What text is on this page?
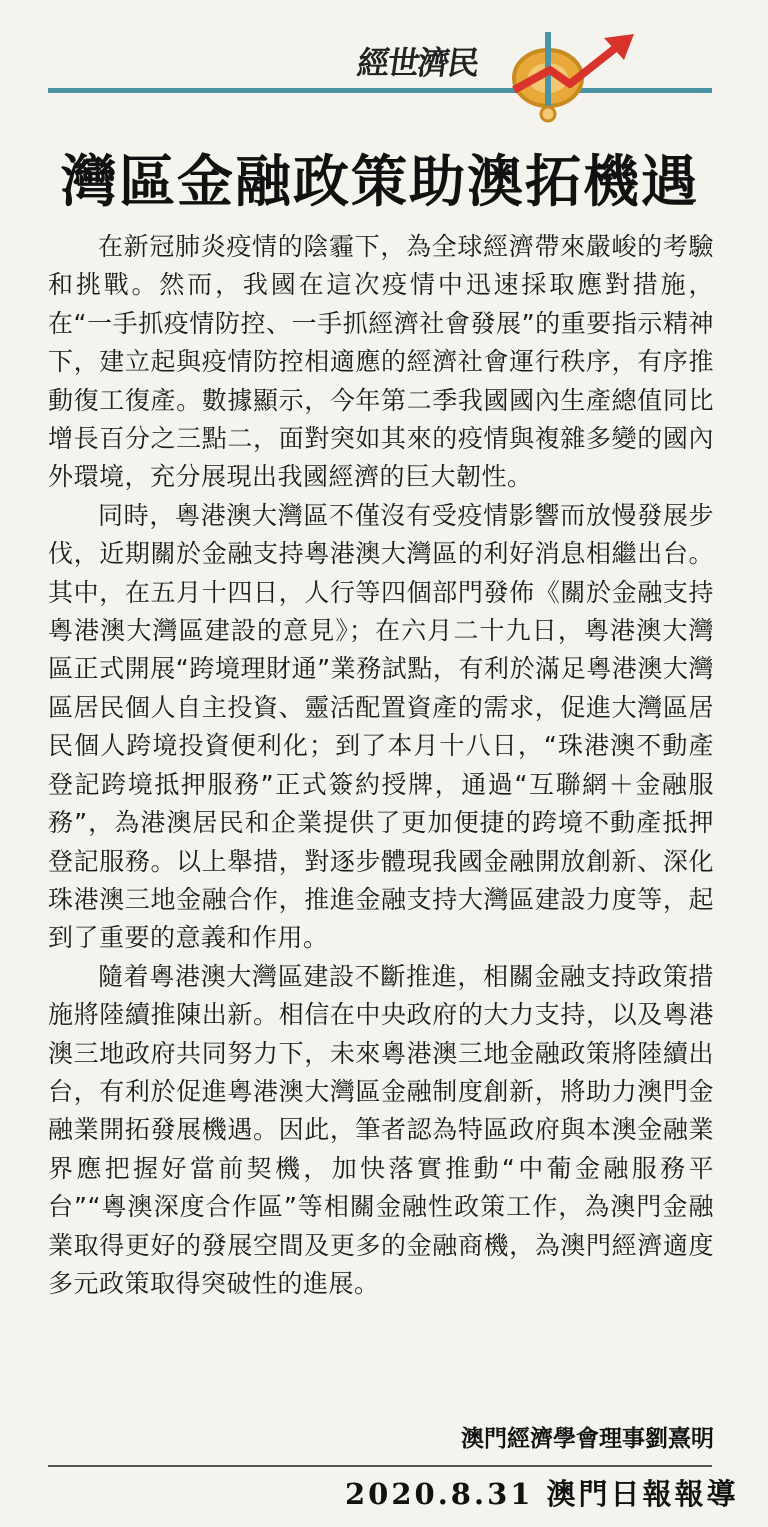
經世濟民
灣區金融政策助澳拓機遇

在新冠肺炎疫情的陰霾下，為全球經濟帶來嚴峻的考驗和挑戰。然而，我國在這次疫情中迅速採取應對措施，在“一手抓疫情防控、一手抓經濟社會發展”的重要指示精神下，建立起與疫情防控相適應的經濟社會運行秩序，有序推動復工復產。數據顯示，今年第二季我國國內生產總值同比增長百分之三點二，面對突如其來的疫情與複雜多變的國內外環境，充分展現出我國經濟的巨大韌性。

同時，粵港澳大灣區不僅沒有受疫情影響而放慢發展步伐，近期關於金融支持粵港澳大灣區的利好消息相繼出台。其中，在五月十四日，人行等四個部門發佈《關於金融支持粵港澳大灣區建設的意見》；在六月二十九日，粵港澳大灣區正式開展“跨境理財通”業務試點，有利於滿足粵港澳大灣區居民個人自主投資、靈活配置資產的需求，促進大灣區居民個人跨境投資便利化；到了本月十八日，“珠港澳不動產登記跨境抵押服務”正式簽約授牌，通過“互聯網＋金融服務”，為港澳居民和企業提供了更加便捷的跨境不動產抵押登記服務。以上舉措，對逐步體現我國金融開放創新、深化珠港澳三地金融合作，推進金融支持大灣區建設力度等，起到了重要的意義和作用。

隨着粵港澳大灣區建設不斷推進，相關金融支持政策措施將陸續推陳出新。相信在中央政府的大力支持，以及粵港澳三地政府共同努力下，未來粵港澳三地金融政策將陸續出台，有利於促進粵港澳大灣區金融制度創新，將助力澳門金融業開拓發展機遇。因此，筆者認為特區政府與本澳金融業界應把握好當前契機，加快落實推動“中葡金融服務平台”“粵澳深度合作區”等相關金融性政策工作，為澳門金融業取得更好的發展空間及更多的金融商機，為澳門經濟適度多元政策取得突破性的進展。

澳門經濟學會理事劉熹明
2020.8.31 澳門日報報導
